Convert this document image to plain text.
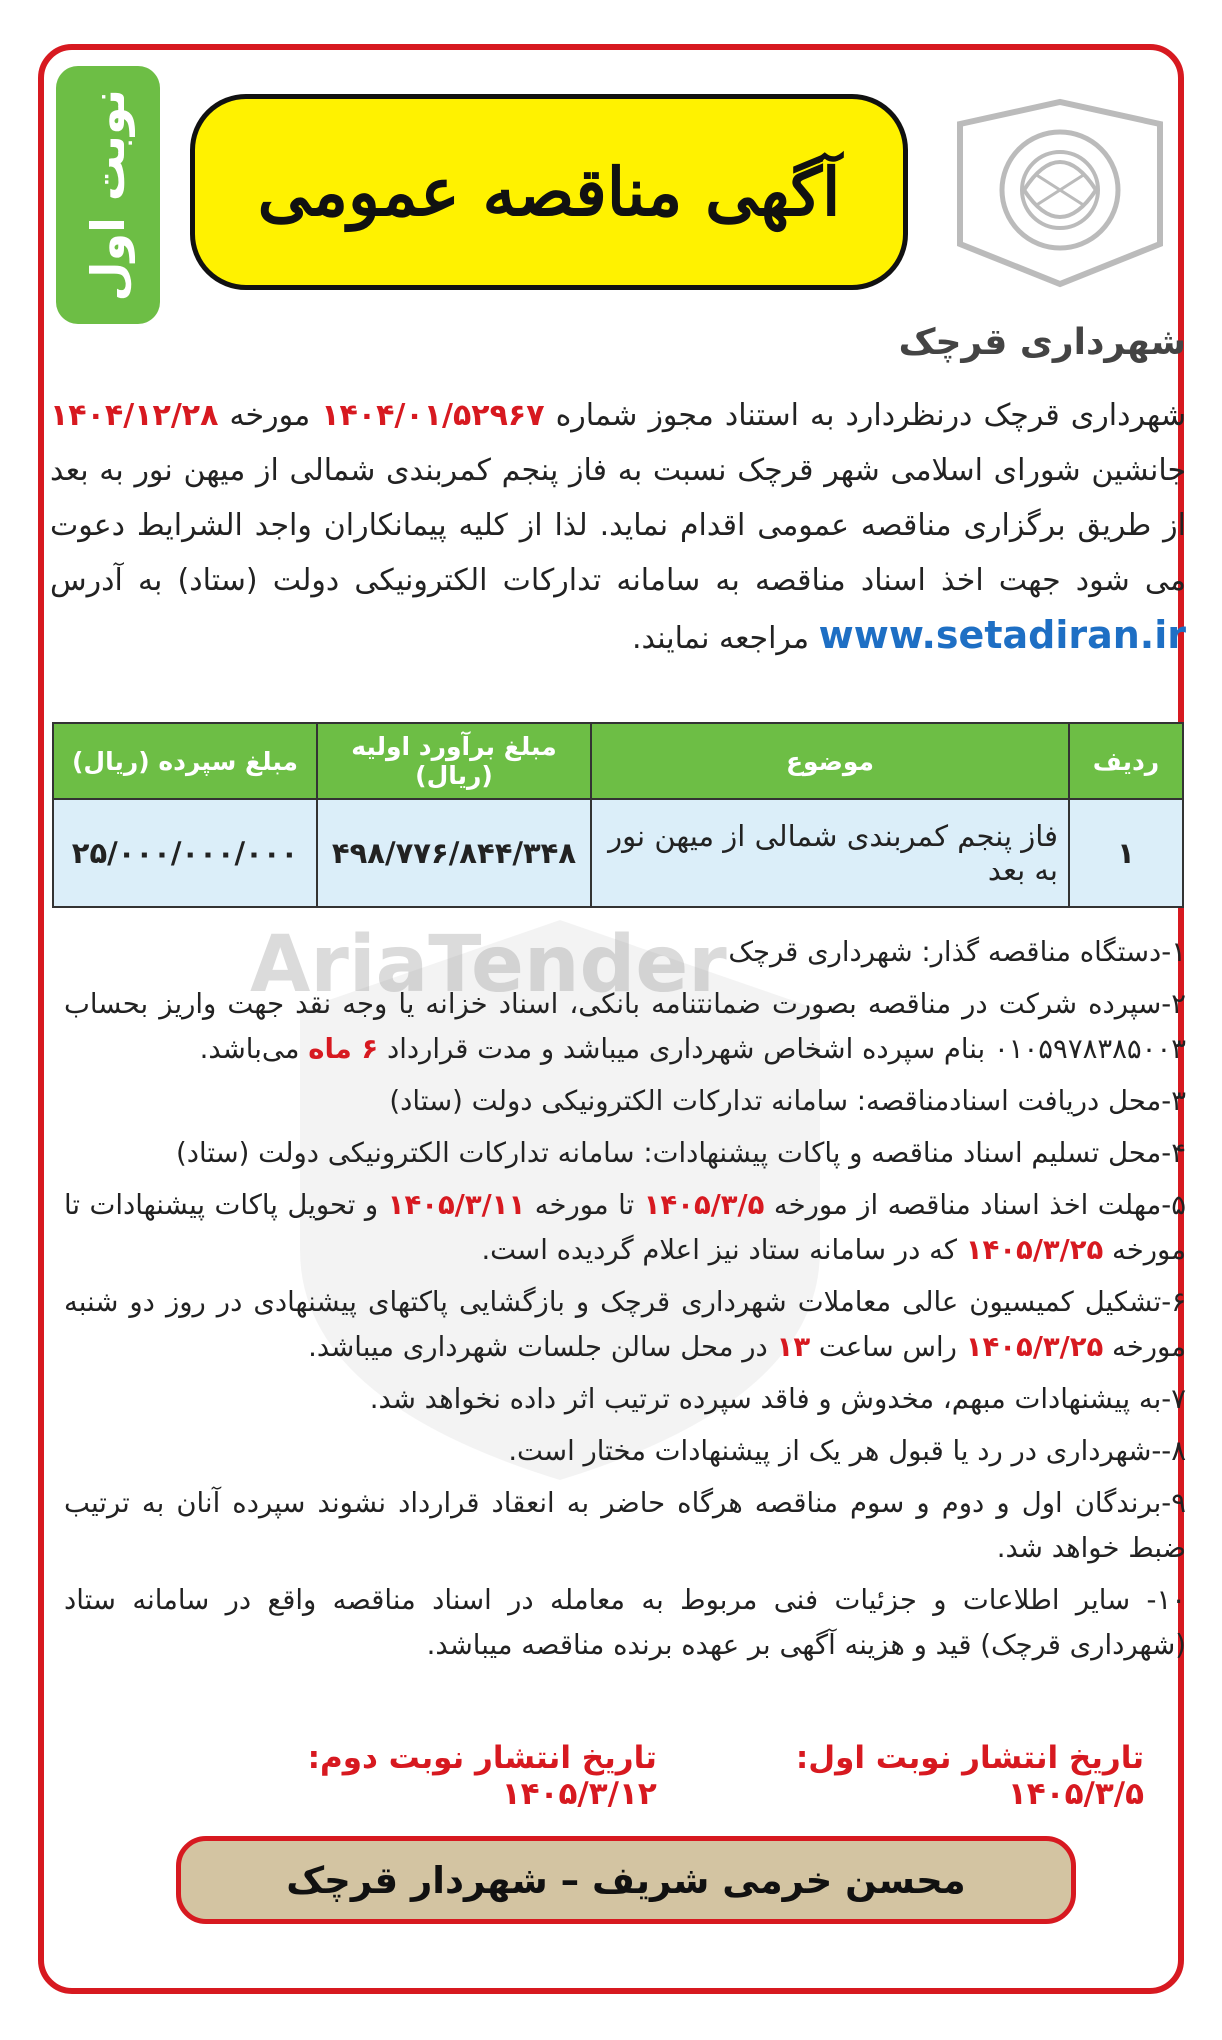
نوبت اول آگهی مناقصه عمومی
شهرداری قرچک
شهرداری قرچک درنظردارد به استناد مجوز شماره ۱۴۰۴/۰۱/۵۲۹۶۷ مورخه ۱۴۰۴/۱۲/۲۸ جانشین شورای اسلامی شهر قرچک نسبت به فاز پنجم کمربندی شمالی از میهن نور به بعد از طریق برگزاری مناقصه عمومی اقدام نماید. لذا از کلیه پیمانکاران واجد الشرایط دعوت می شود جهت اخذ اسناد مناقصه به سامانه تدارکات الکترونیکی دولت (ستاد) به آدرس www.setadiran.ir مراجعه نمایند.
ردیف	موضوع	مبلغ برآورد اولیه (ریال)	مبلغ سپرده (ریال)
۱	فاز پنجم کمربندی شمالی از میهن نور به بعد	۴۹۸/۷۷۶/۸۴۴/۳۴۸	۲۵/۰۰۰/۰۰۰/۰۰۰
AriaTender ۱-دستگاه مناقصه گذار: شهرداری قرچک
۲-سپرده شرکت در مناقصه بصورت ضمانتنامه بانکی، اسناد خزانه یا وجه نقد جهت واریز بحساب ۰۱۰۵۹۷۸۳۸۵۰۰۳ بنام سپرده اشخاص شهرداری میباشد و مدت قرارداد ۶ ماه می‌باشد.
۳-محل دریافت اسنادمناقصه: سامانه تدارکات الکترونیکی دولت (ستاد)
۴-محل تسلیم اسناد مناقصه و پاکات پیشنهادات: سامانه تدارکات الکترونیکی دولت (ستاد)
۵-مهلت اخذ اسناد مناقصه از مورخه ۱۴۰۵/۳/۵ تا مورخه ۱۴۰۵/۳/۱۱ و تحویل پاکات پیشنهادات تا مورخه ۱۴۰۵/۳/۲۵ که در سامانه ستاد نیز اعلام گردیده است.
۶-تشکیل کمیسیون عالی معاملات شهرداری قرچک و بازگشایی پاکتهای پیشنهادی در روز دو شنبه مورخه ۱۴۰۵/۳/۲۵ راس ساعت ۱۳ در محل سالن جلسات شهرداری میباشد.
۷-به پیشنهادات مبهم، مخدوش و فاقد سپرده ترتیب اثر داده نخواهد شد.
۸--شهرداری در رد یا قبول هر یک از پیشنهادات مختار است.
۹-برندگان اول و دوم و سوم مناقصه هرگاه حاضر به انعقاد قرارداد نشوند سپرده آنان به ترتیب ضبط خواهد شد.
۱۰- سایر اطلاعات و جزئیات فنی مربوط به معامله در اسناد مناقصه واقع در سامانه ستاد (شهرداری قرچک) قید و هزینه آگهی بر عهده برنده مناقصه میباشد.
تاریخ انتشار نوبت اول: ۱۴۰۵/۳/۵
تاریخ انتشار نوبت دوم: ۱۴۰۵/۳/۱۲
محسن خرمی شریف – شهردار قرچک
